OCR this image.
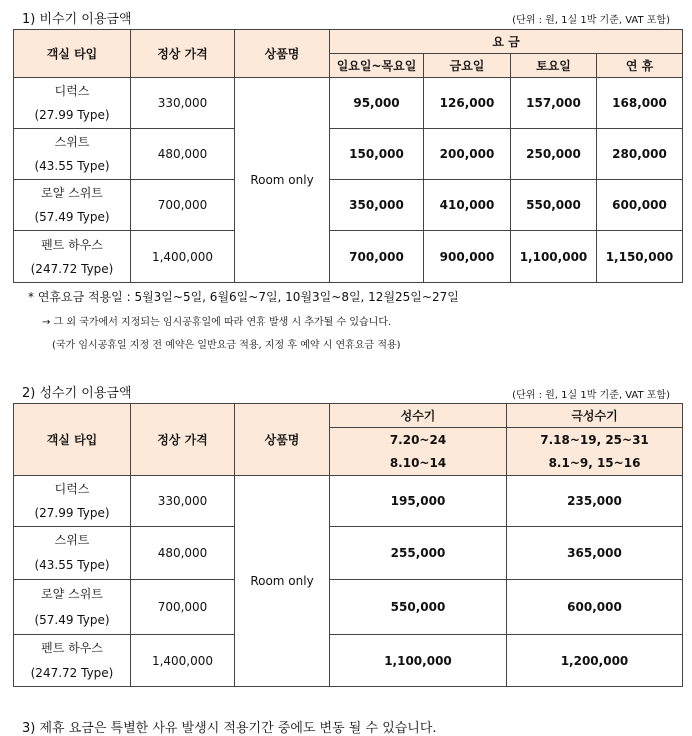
1) 비수기 이용금액	(단위 : 원, 1실 1박 기준, VAT 포함)
객실 타입	정상 가격	상품명	요 금			
			일요일~목요일	금요일	토요일	연 휴

디럭스
(27.99 Type)	330,000	Room only	95,000	126,000	157,000	168,000

스위트
(43.55 Type)	480,000		150,000	200,000	250,000	280,000

로얄 스위트
(57.49 Type)	700,000		350,000	410,000	550,000	600,000

펜트 하우스
(247.72 Type)	1,400,000		700,000	900,000	1,100,000	1,150,000
* 연휴요금 적용일 : 5월3일~5일, 6월6일~7일, 10월3일~8일, 12월25일~27일
→ 그 외 국가에서 지정되는 임시공휴일에 따라 연휴 발생 시 추가될 수 있습니다.
(국가 임시공휴일 지정 전 예약은 일반요금 적용, 지정 후 예약 시 연휴요금 적용)
2) 성수기 이용금액	(단위 : 원, 1실 1박 기준, VAT 포함)
객실 타입	정상 가격	상품명	성수기	극성수기
			7.20~24	7.18~19, 25~31
			8.10~14	8.1~9, 15~16

디럭스
(27.99 Type)	330,000	Room only	195,000	235,000

스위트
(43.55 Type)	480,000		255,000	365,000

로얄 스위트
(57.49 Type)	700,000		550,000	600,000

펜트 하우스
(247.72 Type)	1,400,000		1,100,000	1,200,000
3) 제휴 요금은 특별한 사유 발생시 적용기간 중에도 변동 될 수 있습니다.
